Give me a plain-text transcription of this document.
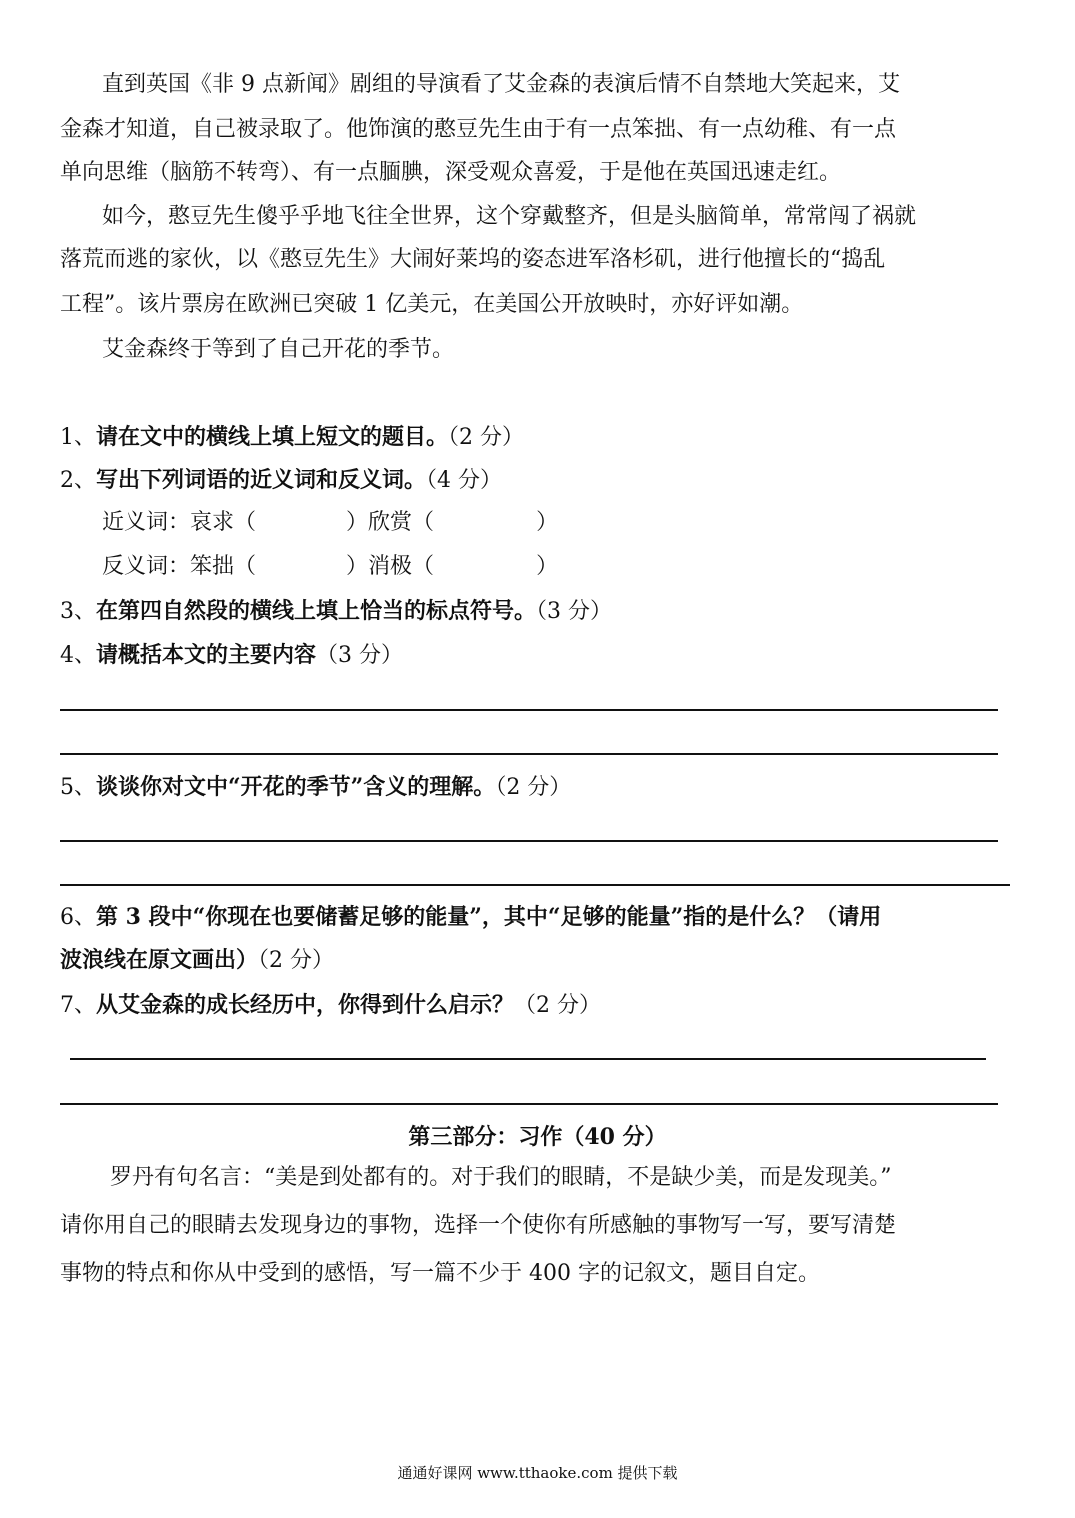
直到英国《非 9 点新闻》剧组的导演看了艾金森的表演后情不自禁地大笑起来，艾
金森才知道，自己被录取了。他饰演的憨豆先生由于有一点笨拙、有一点幼稚、有一点
单向思维（脑筋不转弯）、有一点腼腆，深受观众喜爱，于是他在英国迅速走红。
如今，憨豆先生傻乎乎地飞往全世界，这个穿戴整齐，但是头脑简单，常常闯了祸就
落荒而逃的家伙，以《憨豆先生》大闹好莱坞的姿态进军洛杉矶，进行他擅长的“捣乱
工程”。该片票房在欧洲已突破 1 亿美元，在美国公开放映时，亦好评如潮。
艾金森终于等到了自己开花的季节。
1、请在文中的横线上填上短文的题目。（2 分）
2、写出下列词语的近义词和反义词。（4 分）
近义词：哀求（	）欣赏（	）
反义词：笨拙（	）消极（	）
3、在第四自然段的横线上填上恰当的标点符号。（3 分）
4、请概括本文的主要内容（3 分）
5、谈谈你对文中“开花的季节”含义的理解。（2 分）
6、第 3 段中“你现在也要储蓄足够的能量”，其中“足够的能量”指的是什么？（请用
波浪线在原文画出）（2 分）
7、从艾金森的成长经历中，你得到什么启示？（2 分）
第三部分：习作（40 分）
罗丹有句名言：“美是到处都有的。对于我们的眼睛，不是缺少美，而是发现美。”
请你用自己的眼睛去发现身边的事物，选择一个使你有所感触的事物写一写，要写清楚
事物的特点和你从中受到的感悟，写一篇不少于 400 字的记叙文，题目自定。
通通好课网 www.tthaoke.com 提供下载
